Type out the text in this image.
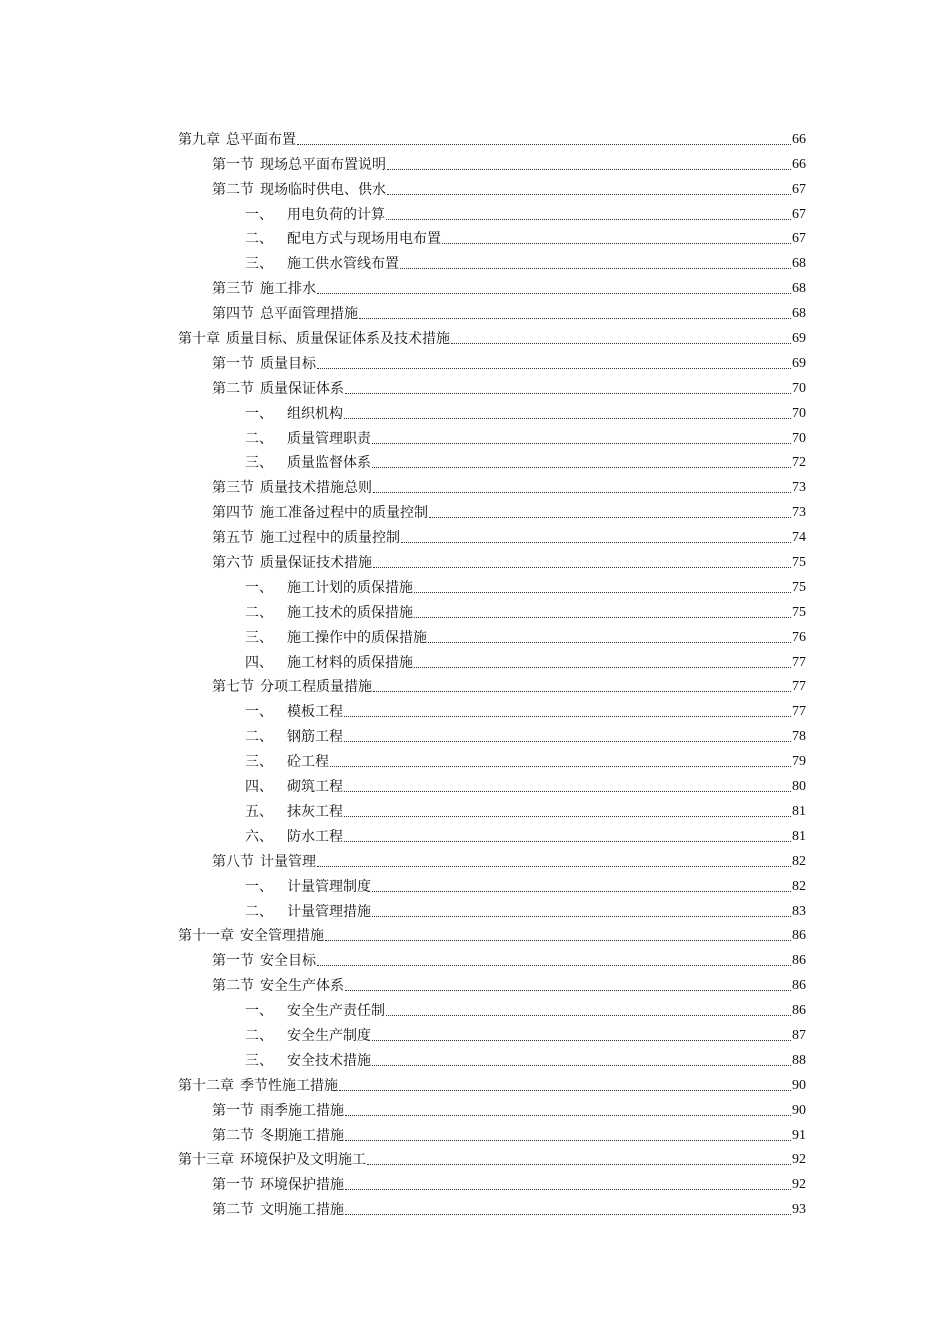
第九章 总平面布置	66
第一节 现场总平面布置说明	66
第二节 现场临时供电、供水	67
一、 用电负荷的计算	67
二、 配电方式与现场用电布置	67
三、 施工供水管线布置	68
第三节 施工排水	68
第四节 总平面管理措施	68
第十章 质量目标、质量保证体系及技术措施	69
第一节 质量目标	69
第二节 质量保证体系	70
一、 组织机构	70
二、 质量管理职责	70
三、 质量监督体系	72
第三节 质量技术措施总则	73
第四节 施工准备过程中的质量控制	73
第五节 施工过程中的质量控制	74
第六节 质量保证技术措施	75
一、 施工计划的质保措施	75
二、 施工技术的质保措施	75
三、 施工操作中的质保措施	76
四、 施工材料的质保措施	77
第七节 分项工程质量措施	77
一、 模板工程	77
二、 钢筋工程	78
三、 砼工程	79
四、 砌筑工程	80
五、 抹灰工程	81
六、 防水工程	81
第八节 计量管理	82
一、 计量管理制度	82
二、 计量管理措施	83
第十一章 安全管理措施	86
第一节 安全目标	86
第二节 安全生产体系	86
一、 安全生产责任制	86
二、 安全生产制度	87
三、 安全技术措施	88
第十二章 季节性施工措施	90
第一节 雨季施工措施	90
第二节 冬期施工措施	91
第十三章 环境保护及文明施工	92
第一节 环境保护措施	92
第二节 文明施工措施	93
